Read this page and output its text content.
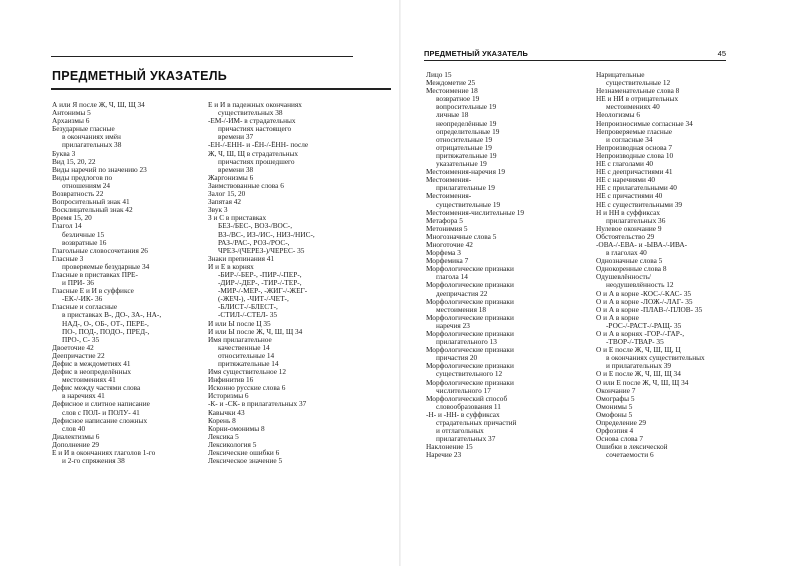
ПРЕДМЕТНЫЙ УКАЗАТЕЛЬ
А или Я после Ж, Ч, Ш, Щ 34
Антонимы 5
Архаизмы 6
Безударные гласные
в окончаниях имён
прилагательных 38
Буква 3
Вид 15, 20, 22
Виды наречий по значению 23
Виды предлогов по
отношениям 24
Возвратность 22
Вопросительный знак 41
Восклицательный знак 42
Время 15, 20
Глагол 14
безличные 15
возвратные 16
Глагольные словосочетания 26
Гласные 3
проверяемые безударные 34
Гласные в приставках ПРЕ-
и ПРИ- 36
Гласные Е и И в суффиксе
-ЕК-/-ИК- 36
Гласные и согласные
в приставках В-, ДО-, ЗА-, НА-,
НАД-, О-, ОБ-, ОТ-, ПЕРЕ-,
ПО-, ПОД-, ПОДО-, ПРЕД-,
ПРО-, С- 35
Двоеточие 42
Деепричастие 22
Дефис в междометиях 41
Дефис в неопределённых
местоимениях 41
Дефис между частями слова
в наречиях 41
Дефисное и слитное написание
слов с ПОЛ- и ПОЛУ- 41
Дефисное написание сложных
слов 40
Диалектизмы 6
Дополнение 29
Е и И в окончаниях глаголов 1-го
и 2-го спряжения 38
Е и И в падежных окончаниях
существительных 38
-ЕМ-/-ИМ- в страдательных
причастиях настоящего
времени 37
-ЕН-/-ЕНН- и -ЁН-/-ЁНН- после
Ж, Ч, Ш, Щ в страдательных
причастиях прошедшего
времени 38
Жаргонизмы 6
Заимствованные слова 6
Залог 15, 20
Запятая 42
Звук 3
З и С в приставках
БЕЗ-/БЕС-, ВОЗ-/ВОС-,
ВЗ-/ВС-, ИЗ-/ИС-, НИЗ-/НИС-,
РАЗ-/РАС-, РОЗ-/РОС-,
ЧРЕЗ-/(ЧЕРЕЗ-)/ЧЕРЕС- 35
Знаки препинания 41
И и Е в корнях
-БИР-/-БЕР-, -ПИР-/-ПЕР-,
-ДИР-/-ДЕР-, -ТИР-/-ТЕР-,
-МИР-/-МЕР-, -ЖИГ-/-ЖЕГ-
(-ЖЕЧ-), -ЧИТ-/-ЧЕТ-,
-БЛИСТ-/-БЛЕСТ-,
-СТИЛ-/-СТЕЛ- 35
И или Ы после Ц 35
И или Ы после Ж, Ч, Ш, Щ 34
Имя прилагательное
качественные 14
относительные 14
притяжательные 14
Имя существительное 12
Инфинитив 16
Исконно русские слова 6
Историзмы 6
-К- и -СК- в прилагательных 37
Кавычки 43
Корень 8
Корни-омонимы 8
Лексика 5
Лексикология 5
Лексические ошибки 6
Лексическое значение 5
ПРЕДМЕТНЫЙ УКАЗАТЕЛЬ	45
Лицо 15
Междометие 25
Местоимение 18
возвратное 19
вопросительные 19
личные 18
неопределённые 19
определительные 19
относительные 19
отрицательные 19
притяжательные 19
указательные 19
Местоимения-наречия 19
Местоимения-
прилагательные 19
Местоимения-
существительные 19
Местоимения-числительные 19
Метафора 5
Метонимия 5
Многозначные слова 5
Многоточие 42
Морфема 3
Морфемика 7
Морфологические признаки
глагола 14
Морфологические признаки
деепричастия 22
Морфологические признаки
местоимения 18
Морфологические признаки
наречия 23
Морфологические признаки
прилагательного 13
Морфологические признаки
причастия 20
Морфологические признаки
существительного 12
Морфологические признаки
числительного 17
Морфологический способ
словообразования 11
-Н- и -НН- в суффиксах
страдательных причастий
и отглагольных
прилагательных 37
Наклонение 15
Наречие 23
Нарицательные
существительные 12
Незнаменательные слова 8
НЕ и НИ в отрицательных
местоимениях 40
Неологизмы 6
Непроизносимые согласные 34
Непроверяемые гласные
и согласные 34
Непроизводная основа 7
Непроизводные слова 10
НЕ с глаголами 40
НЕ с деепричастиями 41
НЕ с наречиями 40
НЕ с прилагательными 40
НЕ с причастиями 40
НЕ с существительными 39
Н и НН в суффиксах
прилагательных 36
Нулевое окончание 9
Обстоятельство 29
-ОВА-/-ЕВА- и -ЫВА-/-ИВА-
в глаголах 40
Однозначные слова 5
Однокоренные слова 8
Одушевлённость/
неодушевлённость 12
О и А в корне -КОС-/-КАС- 35
О и А в корне -ЛОЖ-/-ЛАГ- 35
О и А в корне -ПЛАВ-/-ПЛОВ- 35
О и А в корне
-РОС-/-РАСТ-/-РАЩ- 35
О и А в корнях -ГОР-/-ГАР-,
-ТВОР-/-ТВАР- 35
О и Е после Ж, Ч, Ш, Щ, Ц
в окончаниях существительных
и прилагательных 39
О и Е после Ж, Ч, Ш, Щ 34
О или Е после Ж, Ч, Ш, Щ 34
Окончание 7
Омографы 5
Омонимы 5
Омофоны 5
Определение 29
Орфоэпия 4
Основа слова 7
Ошибки в лексической
сочетаемости 6
